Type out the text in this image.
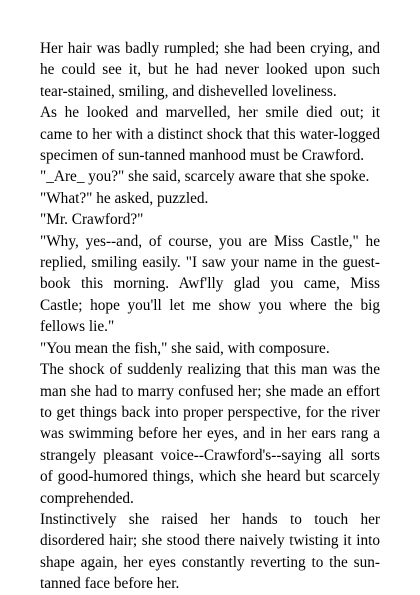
Her hair was badly rumpled; she had been crying, and he could see it, but he had never looked upon such tear-stained, smiling, and dishevelled loveliness.

As he looked and marvelled, her smile died out; it came to her with a distinct shock that this water-logged specimen of sun-tanned manhood must be Crawford.

"_Are_ you?" she said, scarcely aware that she spoke.

"What?" he asked, puzzled.

"Mr. Crawford?"

"Why, yes--and, of course, you are Miss Castle," he replied, smiling easily. "I saw your name in the guest-book this morning. Awf'lly glad you came, Miss Castle; hope you'll let me show you where the big fellows lie."

"You mean the fish," she said, with composure.

The shock of suddenly realizing that this man was the man she had to marry confused her; she made an effort to get things back into proper perspective, for the river was swimming before her eyes, and in her ears rang a strangely pleasant voice--Crawford's--saying all sorts of good-humored things, which she heard but scarcely comprehended.

Instinctively she raised her hands to touch her disordered hair; she stood there naively twisting it into shape again, her eyes constantly reverting to the sun-tanned face before her.
